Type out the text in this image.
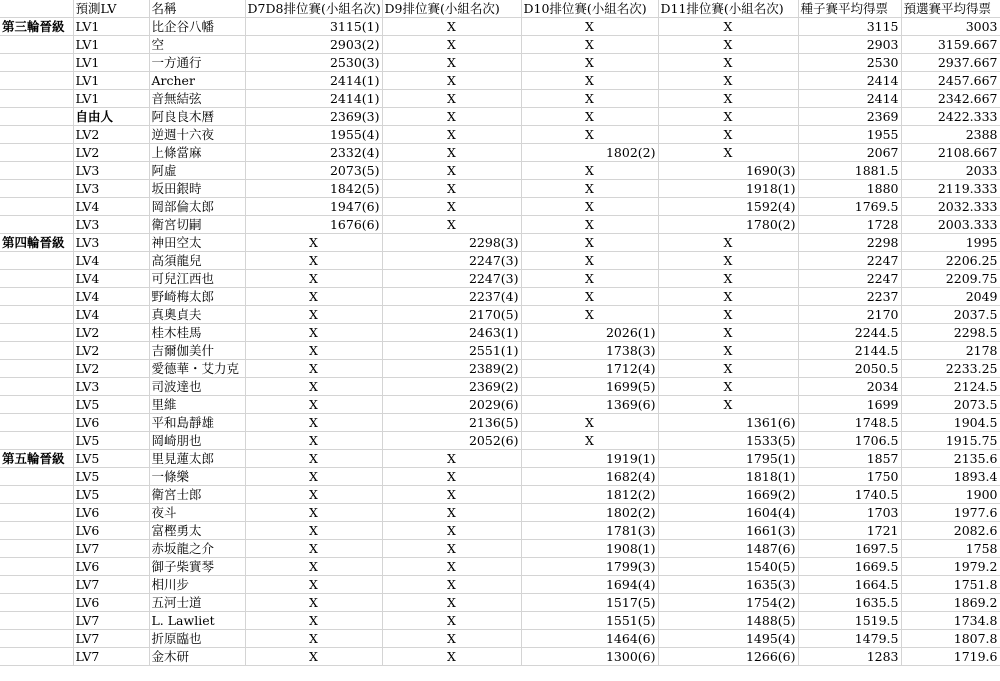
	預測LV	名稱	D7D8排位賽(小組名次)	D9排位賽(小組名次)	D10排位賽(小組名次)	D11排位賽(小組名次)	種子賽平均得票	預選賽平均得票
第三輪晉級	LV1	比企谷八幡	3115(1)	X	X	X	3115	3003
	LV1	空	2903(2)	X	X	X	2903	3159.667
	LV1	一方通行	2530(3)	X	X	X	2530	2937.667
	LV1	Archer	2414(1)	X	X	X	2414	2457.667
	LV1	音無結弦	2414(1)	X	X	X	2414	2342.667
	自由人	阿良良木曆	2369(3)	X	X	X	2369	2422.333
	LV2	逆週十六夜	1955(4)	X	X	X	1955	2388
	LV2	上條當麻	2332(4)	X	1802(2)	X	2067	2108.667
	LV3	阿虛	2073(5)	X	X	1690(3)	1881.5	2033
	LV3	坂田銀時	1842(5)	X	X	1918(1)	1880	2119.333
	LV4	岡部倫太郎	1947(6)	X	X	1592(4)	1769.5	2032.333
	LV3	衛宮切嗣	1676(6)	X	X	1780(2)	1728	2003.333
第四輪晉級	LV3	神田空太	X	2298(3)	X	X	2298	1995
	LV4	高須龍兒	X	2247(3)	X	X	2247	2206.25
	LV4	可兒江西也	X	2247(3)	X	X	2247	2209.75
	LV4	野崎梅太郎	X	2237(4)	X	X	2237	2049
	LV4	真奧貞夫	X	2170(5)	X	X	2170	2037.5
	LV2	桂木桂馬	X	2463(1)	2026(1)	X	2244.5	2298.5
	LV2	吉爾伽美什	X	2551(1)	1738(3)	X	2144.5	2178
	LV2	愛德華・艾力克	X	2389(2)	1712(4)	X	2050.5	2233.25
	LV3	司波達也	X	2369(2)	1699(5)	X	2034	2124.5
	LV5	里維	X	2029(6)	1369(6)	X	1699	2073.5
	LV6	平和島靜雄	X	2136(5)	X	1361(6)	1748.5	1904.5
	LV5	岡崎朋也	X	2052(6)	X	1533(5)	1706.5	1915.75
第五輪晉級	LV5	里見蓮太郎	X	X	1919(1)	1795(1)	1857	2135.6
	LV5	一條樂	X	X	1682(4)	1818(1)	1750	1893.4
	LV5	衛宮士郎	X	X	1812(2)	1669(2)	1740.5	1900
	LV6	夜斗	X	X	1802(2)	1604(4)	1703	1977.6
	LV6	富樫勇太	X	X	1781(3)	1661(3)	1721	2082.6
	LV7	赤坂龍之介	X	X	1908(1)	1487(6)	1697.5	1758
	LV6	御子柴實琴	X	X	1799(3)	1540(5)	1669.5	1979.2
	LV7	相川步	X	X	1694(4)	1635(3)	1664.5	1751.8
	LV6	五河士道	X	X	1517(5)	1754(2)	1635.5	1869.2
	LV7	L. Lawliet	X	X	1551(5)	1488(5)	1519.5	1734.8
	LV7	折原臨也	X	X	1464(6)	1495(4)	1479.5	1807.8
	LV7	金木研	X	X	1300(6)	1266(6)	1283	1719.6
